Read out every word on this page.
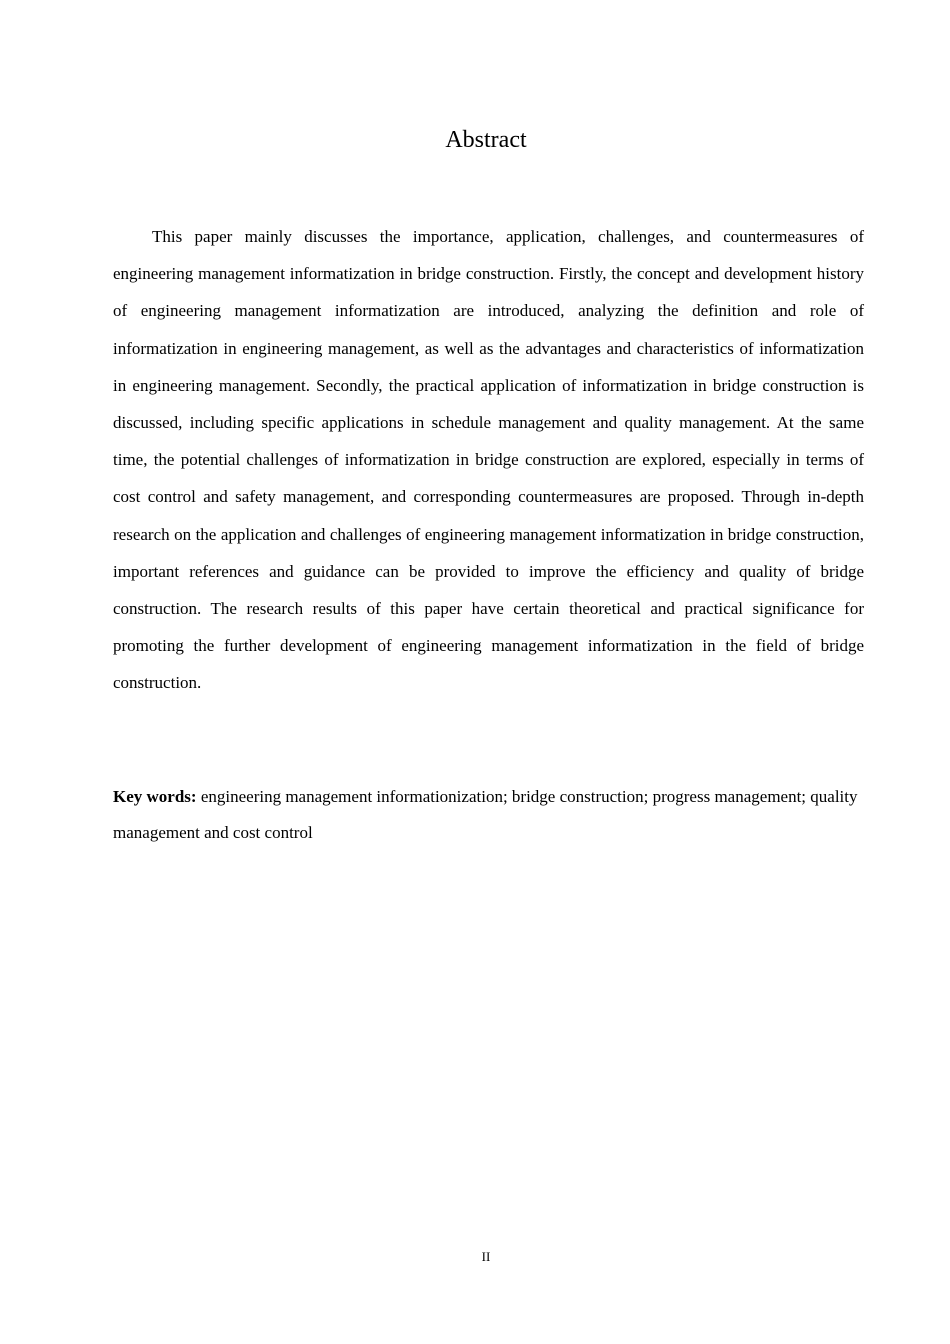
Abstract

This paper mainly discusses the importance, application, challenges, and countermeasures of engineering management informatization in bridge construction. Firstly, the concept and development history of engineering management informatization are introduced, analyzing the definition and role of informatization in engineering management, as well as the advantages and characteristics of informatization in engineering management. Secondly, the practical application of informatization in bridge construction is discussed, including specific applications in schedule management and quality management. At the same time, the potential challenges of informatization in bridge construction are explored, especially in terms of cost control and safety management, and corresponding countermeasures are proposed. Through in-depth research on the application and challenges of engineering management informatization in bridge construction, important references and guidance can be provided to improve the efficiency and quality of bridge construction. The research results of this paper have certain theoretical and practical significance for promoting the further development of engineering management informatization in the field of bridge construction.

Key words: engineering management informationization; bridge construction; progress management; quality management and cost control

II
